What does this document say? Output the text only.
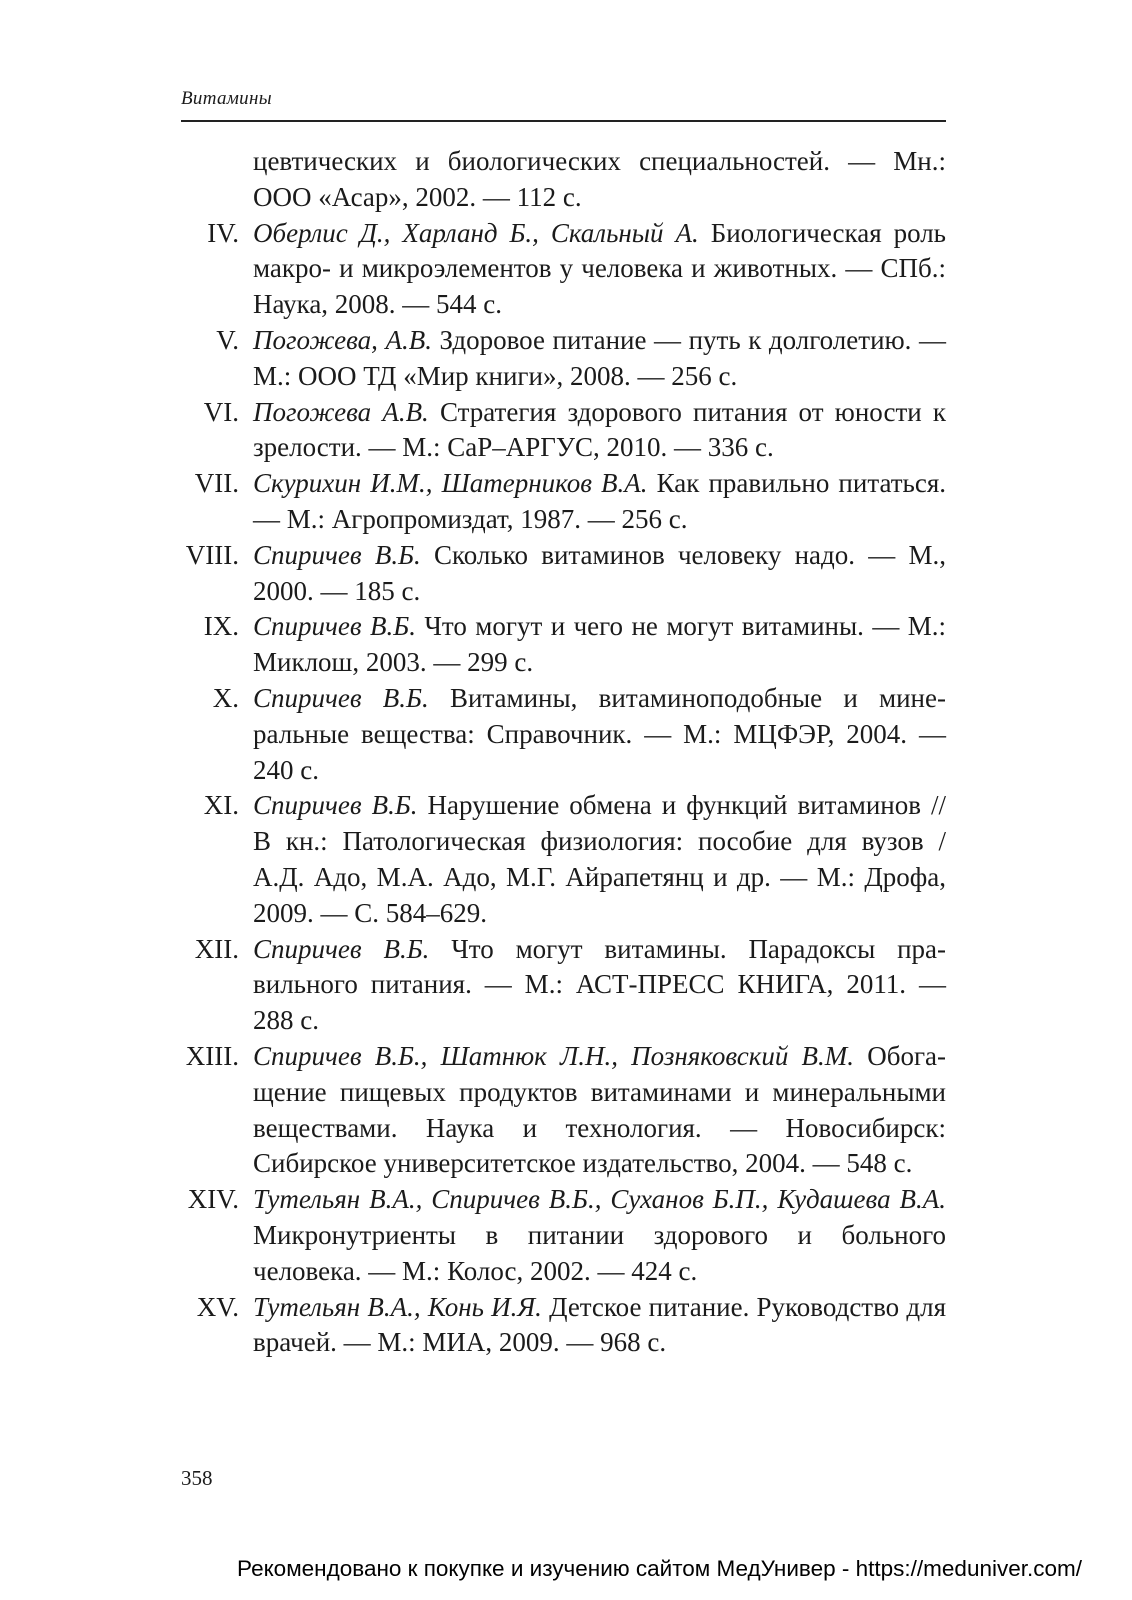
Витамины
цевтических и биологических специальностей. — Мн.: ООО «Асар», 2002. — 112 с.
IV. Оберлис Д., Харланд Б., Скальный А. Биологическая роль макро- и микроэлементов у человека и животных. — СПб.: Наука, 2008. — 544 с.
V. Погожева, А.В. Здоровое питание — путь к долголетию. — М.: ООО ТД «Мир книги», 2008. — 256 с.
VI. Погожева А.В. Стратегия здорового питания от юности к зрелости. — М.: СаР–АРГУС, 2010. — 336 с.
VII. Скурихин И.М., Шатерников В.А. Как правильно питаться. — М.: Агропромиздат, 1987. — 256 с.
VIII. Спиричев В.Б. Сколько витаминов человеку надо. — М., 2000. — 185 с.
IX. Спиричев В.Б. Что могут и чего не могут витамины. — М.: Миклош, 2003. — 299 с.
X. Спиричев В.Б. Витамины, витаминоподобные и минеральные вещества: Справочник. — М.: МЦФЭР, 2004. — 240 с.
XI. Спиричев В.Б. Нарушение обмена и функций витаминов // В кн.: Патологическая физиология: пособие для вузов / А.Д. Адо, М.А. Адо, М.Г. Айрапетянц и др. — М.: Дрофа, 2009. — С. 584–629.
XII. Спиричев В.Б. Что могут витамины. Парадоксы правильного питания. — М.: АСТ-ПРЕСС КНИГА, 2011. — 288 с.
XIII. Спиричев В.Б., Шатнюк Л.Н., Позняковский В.М. Обогащение пищевых продуктов витаминами и минеральными веществами. Наука и технология. — Новосибирск: Сибирское университетское издательство, 2004. — 548 с.
XIV. Тутельян В.А., Спиричев В.Б., Суханов Б.П., Кудашева В.А. Микронутриенты в питании здорового и больного человека. — М.: Колос, 2002. — 424 с.
XV. Тутельян В.А., Конь И.Я. Детское питание. Руководство для врачей. — М.: МИА, 2009. — 968 с.
358
Рекомендовано к покупке и изучению сайтом МедУнивер - https://meduniver.com/
